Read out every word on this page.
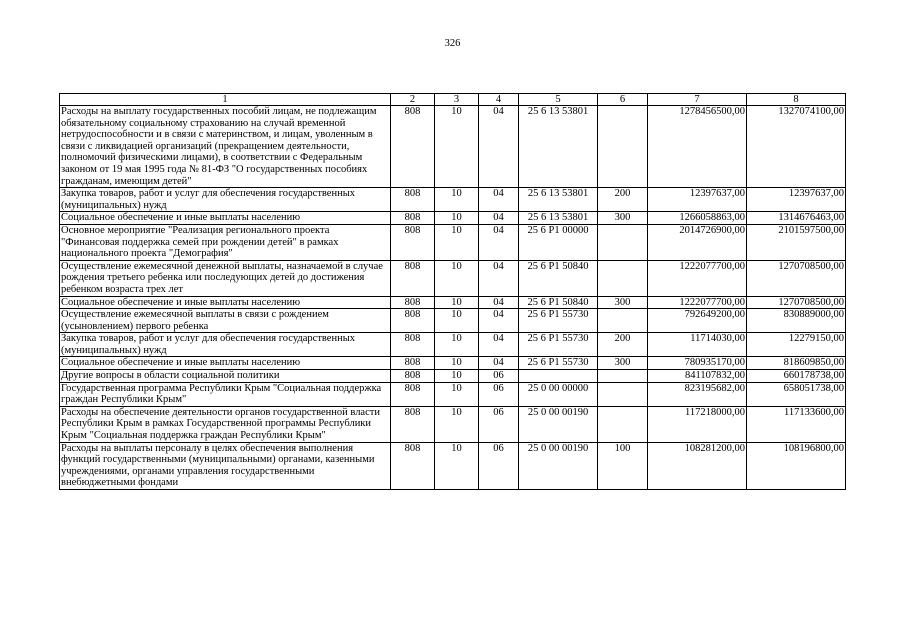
326
1	2	3	4	5	6	7	8
Расходы на выплату государственных пособий лицам, не подлежащим обязательному социальному страхованию на случай временной нетрудоспособности и в связи с материнством, и лицам, уволенным в связи с ликвидацией организаций (прекращением деятельности, полномочий физическими лицами), в соответствии с Федеральным законом от 19 мая 1995 года № 81-ФЗ "О государственных пособиях гражданам, имеющим детей"	808	10	04	25 6 13 53801		1278456500,00	1327074100,00
Закупка товаров, работ и услуг для обеспечения государственных (муниципальных) нужд	808	10	04	25 6 13 53801	200	12397637,00	12397637,00
Социальное обеспечение и иные выплаты населению	808	10	04	25 6 13 53801	300	1266058863,00	1314676463,00
Основное мероприятие "Реализация регионального проекта "Финансовая поддержка семей при рождении детей" в рамках национального проекта "Демография"	808	10	04	25 6 Р1 00000		2014726900,00	2101597500,00
Осуществление ежемесячной денежной выплаты, назначаемой в случае рождения третьего ребенка или последующих детей до достижения ребенком возраста трех лет	808	10	04	25 6 Р1 50840		1222077700,00	1270708500,00
Социальное обеспечение и иные выплаты населению	808	10	04	25 6 Р1 50840	300	1222077700,00	1270708500,00
Осуществление ежемесячной выплаты в связи с рождением (усыновлением) первого ребенка	808	10	04	25 6 Р1 55730		792649200,00	830889000,00
Закупка товаров, работ и услуг для обеспечения государственных (муниципальных) нужд	808	10	04	25 6 Р1 55730	200	11714030,00	12279150,00
Социальное обеспечение и иные выплаты населению	808	10	04	25 6 Р1 55730	300	780935170,00	818609850,00
Другие вопросы в области социальной политики	808	10	06			841107832,00	660178738,00
Государственная программа Республики Крым "Социальная поддержка граждан Республики Крым"	808	10	06	25 0 00 00000		823195682,00	658051738,00
Расходы на обеспечение деятельности органов государственной власти Республики Крым в рамках Государственной программы Республики Крым "Социальная поддержка граждан Республики Крым"	808	10	06	25 0 00 00190		117218000,00	117133600,00
Расходы на выплаты персоналу в целях обеспечения выполнения функций государственными (муниципальными) органами, казенными учреждениями, органами управления государственными внебюджетными фондами	808	10	06	25 0 00 00190	100	108281200,00	108196800,00
